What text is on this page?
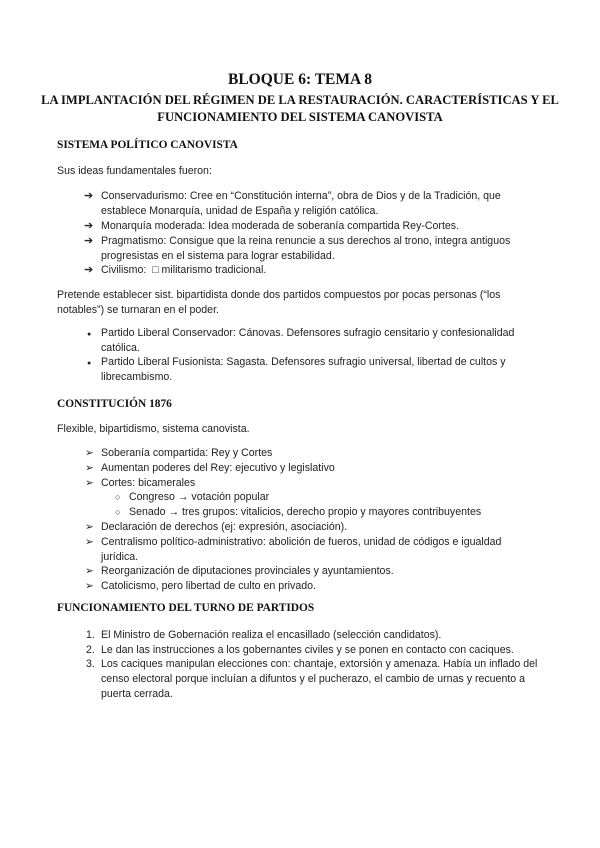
BLOQUE 6: TEMA 8
LA IMPLANTACIÓN DEL RÉGIMEN DE LA RESTAURACIÓN. CARACTERÍSTICAS Y EL FUNCIONAMIENTO DEL SISTEMA CANOVISTA
SISTEMA POLÍTICO CANOVISTA
Sus ideas fundamentales fueron:
➔ Conservadurismo: Cree en “Constitución interna”, obra de Dios y de la Tradición, que establece Monarquía, unidad de España y religión católica.
➔ Monarquía moderada: Idea moderada de soberanía compartida Rey-Cortes.
➔ Pragmatismo: Consigue que la reina renuncie a sus derechos al trono, integra antiguos progresistas en el sistema para lograr estabilidad.
➔ Civilismo:  □ militarismo tradicional.
Pretende establecer sist. bipartidista donde dos partidos compuestos por pocas personas (“los notables”) se turnaran en el poder.
● Partido Liberal Conservador: Cánovas. Defensores sufragio censitario y confesionalidad católica.
● Partido Liberal Fusionista: Sagasta. Defensores sufragio universal, libertad de cultos y librecambismo.
CONSTITUCIÓN 1876
Flexible, bipartidismo, sistema canovista.
➢ Soberanía compartida: Rey y Cortes
➢ Aumentan poderes del Rey: ejecutivo y legislativo
➢ Cortes: bicamerales
○ Congreso → votación popular
○ Senado → tres grupos: vitalicios, derecho propio y mayores contribuyentes
➢ Declaración de derechos (ej: expresión, asociación).
➢ Centralismo político-administrativo: abolición de fueros, unidad de códigos e igualdad jurídica.
➢ Reorganización de diputaciones provinciales y ayuntamientos.
➢ Catolicismo, pero libertad de culto en privado.
FUNCIONAMIENTO DEL TURNO DE PARTIDOS
1. El Ministro de Gobernación realiza el encasillado (selección candidatos).
2. Le dan las instrucciones a los gobernantes civiles y se ponen en contacto con caciques.
3. Los caciques manipulan elecciones con: chantaje, extorsión y amenaza. Había un inflado del censo electoral porque incluían a difuntos y el pucherazo, el cambio de urnas y recuento a puerta cerrada.
